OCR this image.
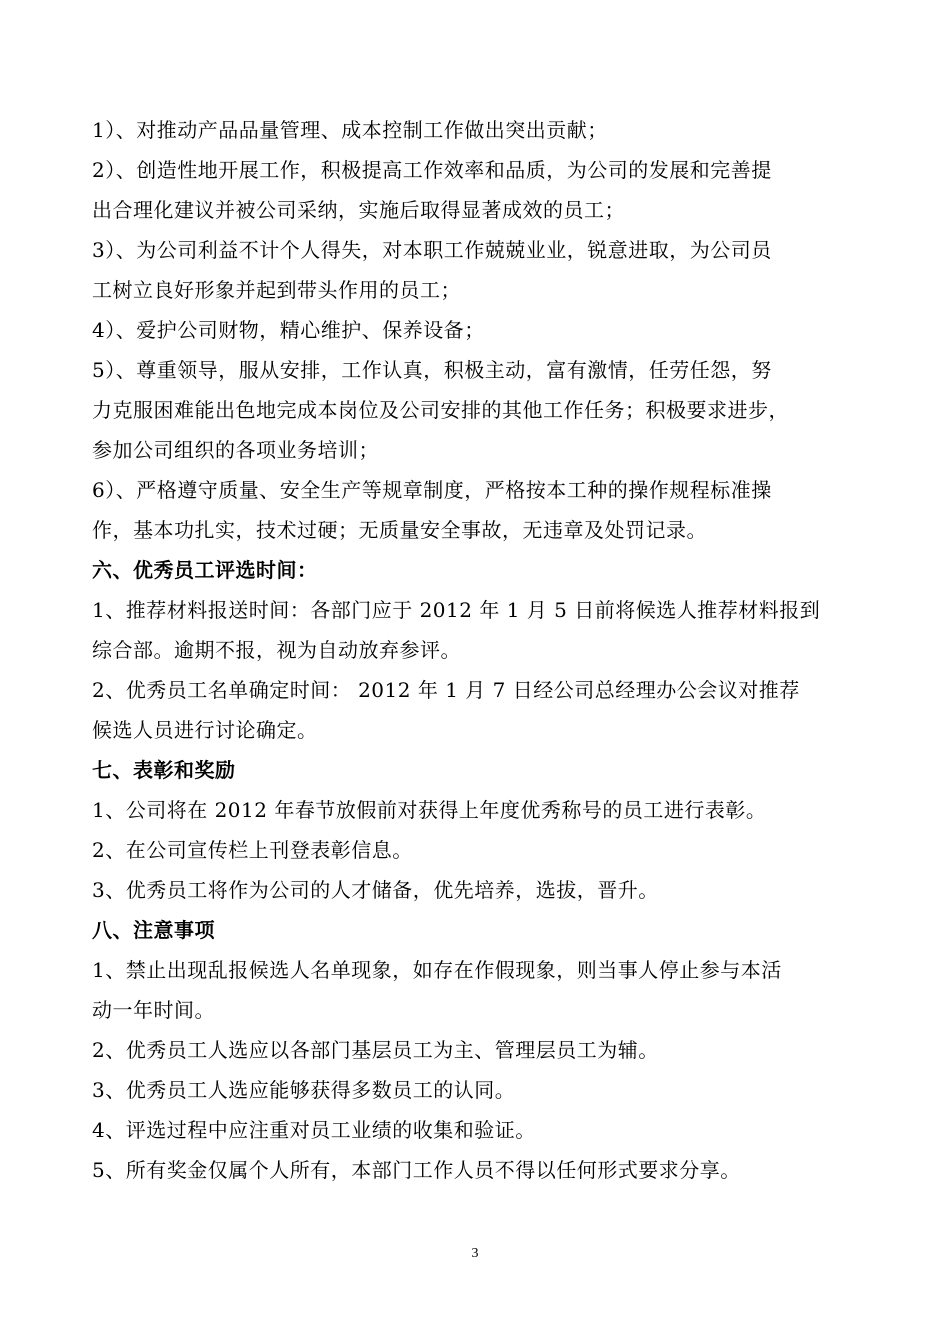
1）、对推动产品品量管理、成本控制工作做出突出贡献；
2）、创造性地开展工作，积极提高工作效率和品质，为公司的发展和完善提
出合理化建议并被公司采纳，实施后取得显著成效的员工；
3）、为公司利益不计个人得失，对本职工作兢兢业业，锐意进取，为公司员
工树立良好形象并起到带头作用的员工；
4）、爱护公司财物，精心维护、保养设备；
5）、尊重领导，服从安排，工作认真，积极主动，富有激情，任劳任怨，努
力克服困难能出色地完成本岗位及公司安排的其他工作任务；积极要求进步，
参加公司组织的各项业务培训；
6）、严格遵守质量、安全生产等规章制度，严格按本工种的操作规程标准操
作，基本功扎实，技术过硬；无质量安全事故，无违章及处罚记录。
六、优秀员工评选时间：
1、推荐材料报送时间：各部门应于 2012 年 1 月 5 日前将候选人推荐材料报到
综合部。逾期不报，视为自动放弃参评。
2、优秀员工名单确定时间： 2012 年 1 月 7 日经公司总经理办公会议对推荐
候选人员进行讨论确定。
七、表彰和奖励
1、公司将在 2012 年春节放假前对获得上年度优秀称号的员工进行表彰。
2、在公司宣传栏上刊登表彰信息。
3、优秀员工将作为公司的人才储备，优先培养，选拔，晋升。
八、注意事项
1、禁止出现乱报候选人名单现象，如存在作假现象，则当事人停止参与本活
动一年时间。
2、优秀员工人选应以各部门基层员工为主、管理层员工为辅。
3、优秀员工人选应能够获得多数员工的认同。
4、评选过程中应注重对员工业绩的收集和验证。
5、所有奖金仅属个人所有，本部门工作人员不得以任何形式要求分享。
3
